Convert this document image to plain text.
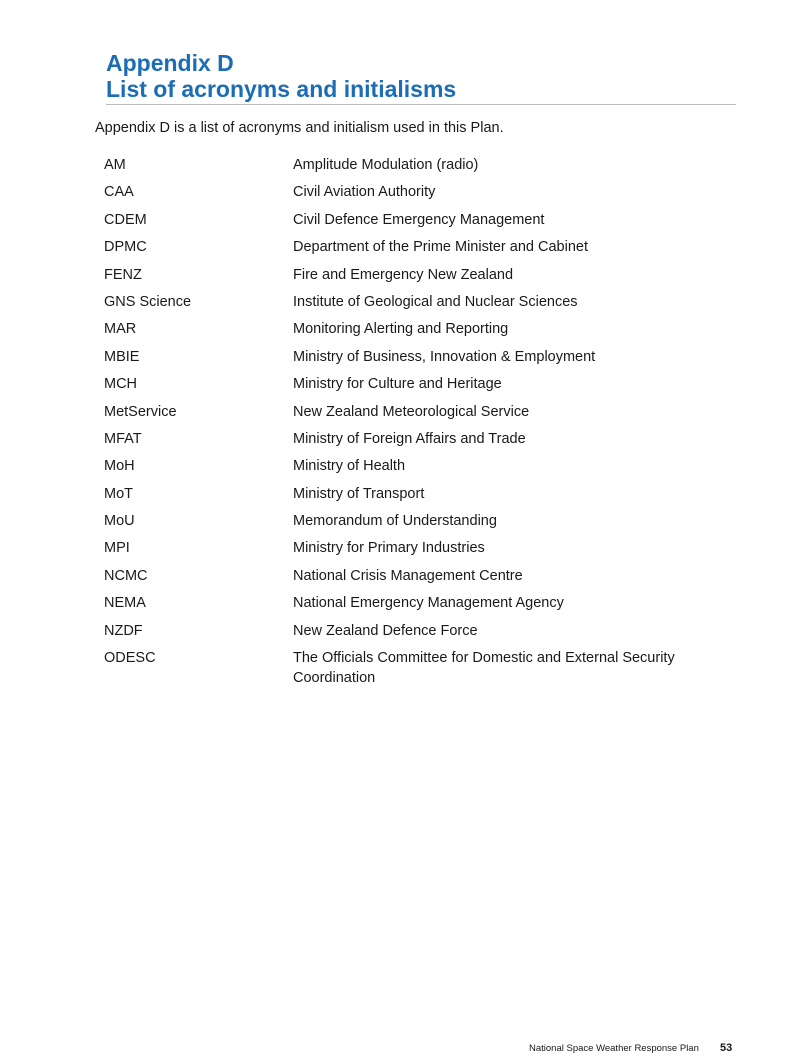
Appendix D
List of acronyms and initialisms
Appendix D is a list of acronyms and initialism used in this Plan.
AM	Amplitude Modulation (radio)
CAA	Civil Aviation Authority
CDEM	Civil Defence Emergency Management
DPMC	Department of the Prime Minister and Cabinet
FENZ	Fire and Emergency New Zealand
GNS Science	Institute of Geological and Nuclear Sciences
MAR	Monitoring Alerting and Reporting
MBIE	Ministry of Business, Innovation & Employment
MCH	Ministry for Culture and Heritage
MetService	New Zealand Meteorological Service
MFAT	Ministry of Foreign Affairs and Trade
MoH	Ministry of Health
MoT	Ministry of Transport
MoU	Memorandum of Understanding
MPI	Ministry for Primary Industries
NCMC	National Crisis Management Centre
NEMA	National Emergency Management Agency
NZDF	New Zealand Defence Force
ODESC	The Officials Committee for Domestic and External Security Coordination
National Space Weather Response Plan 53
